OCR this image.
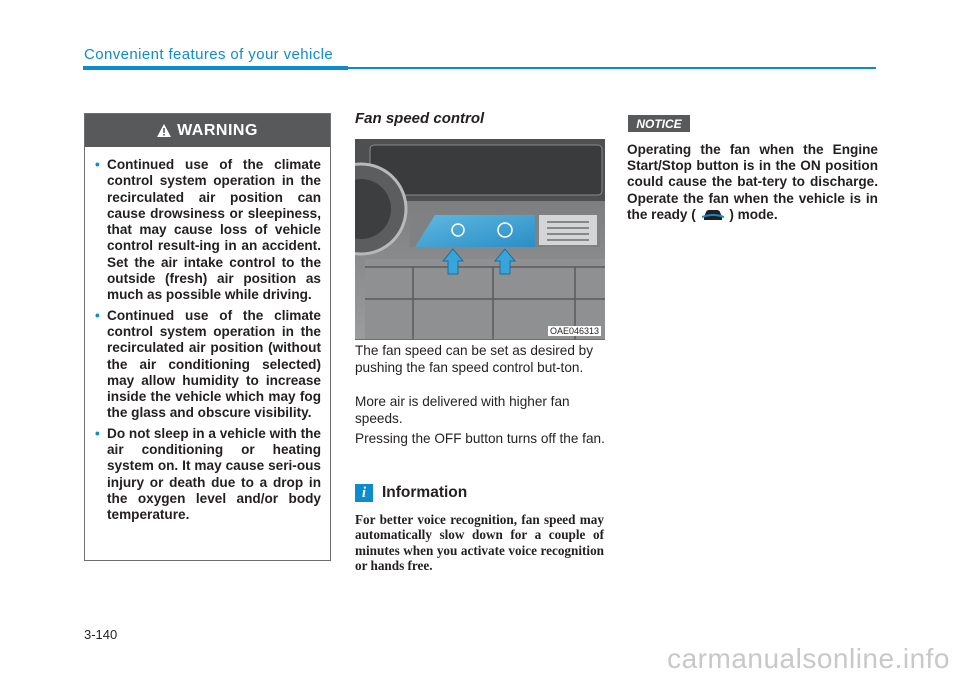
Convenient features of your vehicle
WARNING
• Continued use of the climate control system operation in the recirculated air position can cause drowsiness or sleepiness, that may cause loss of vehicle control result-ing in an accident. Set the air intake control to the outside (fresh) air position as much as possible while driving.
• Continued use of the climate control system operation in the recirculated air position (without the air conditioning selected) may allow humidity to increase inside the vehicle which may fog the glass and obscure visibility.
• Do not sleep in a vehicle with the air conditioning or heating system on. It may cause seri-ous injury or death due to a drop in the oxygen level and/or body temperature.
Fan speed control
OAE046313
The fan speed can be set as desired by pushing the fan speed control but-ton.
More air is delivered with higher fan speeds.
Pressing the OFF button turns off the fan.
i	Information
For better voice recognition, fan speed may automatically slow down for a couple of minutes when you activate voice recognition or hands free.
NOTICE
Operating the fan when the Engine Start/Stop button is in the ON position could cause the bat-tery to discharge. Operate the fan when the vehicle is in the ready ( ) mode.
3-140
carmanualsonline.info
